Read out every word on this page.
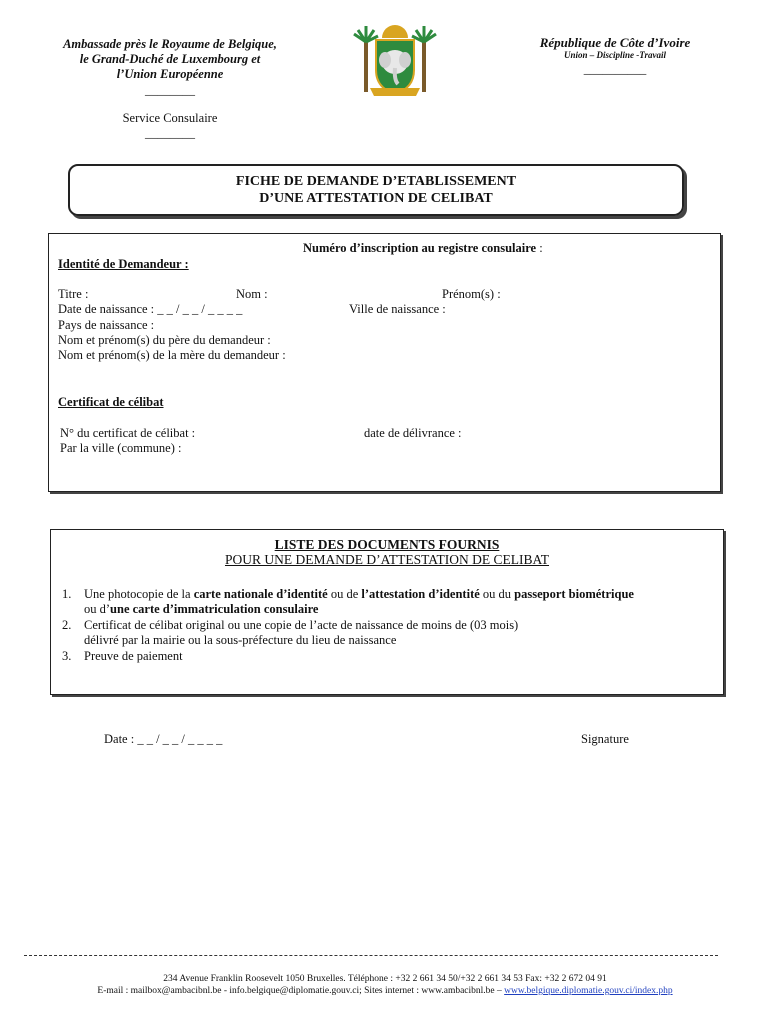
Ambassade près le Royaume de Belgique,
le Grand-Duché de Luxembourg et
l’Union Européenne
________
Service Consulaire
________
République de Côte d’Ivoire
Union – Discipline -Travail
__________
FICHE DE DEMANDE D’ETABLISSEMENT
D’UNE ATTESTATION DE CELIBAT
Numéro d’inscription au registre consulaire :
Identité de Demandeur :
Titre :	Nom :	Prénom(s) :
Date de naissance : _ _ / _ _ / _ _ _ _	Ville de naissance :
Pays de naissance :
Nom et prénom(s) du père du demandeur :
Nom et prénom(s) de la mère du demandeur :
Certificat de célibat
N° du certificat de célibat :	date de délivrance :
Par la ville (commune) :
LISTE DES DOCUMENTS FOURNIS
POUR UNE DEMANDE D’ATTESTATION DE CELIBAT
1. Une photocopie de la carte nationale d’identité ou de l’attestation d’identité ou du passeport biométrique
ou d’une carte d’immatriculation consulaire
2. Certificat de célibat original ou une copie de l’acte de naissance de moins de (03 mois)
délivré par la mairie ou la sous-préfecture du lieu de naissance
3. Preuve de paiement
Date : _ _ / _ _ / _ _ _ _	Signature
234 Avenue Franklin Roosevelt 1050 Bruxelles. Téléphone : +32 2 661 34 50/+32 2 661 34 53 Fax: +32 2 672 04 91
E-mail : mailbox@ambacibnl.be - info.belgique@diplomatie.gouv.ci; Sites internet : www.ambacibnl.be – www.belgique.diplomatie.gouv.ci/index.php
